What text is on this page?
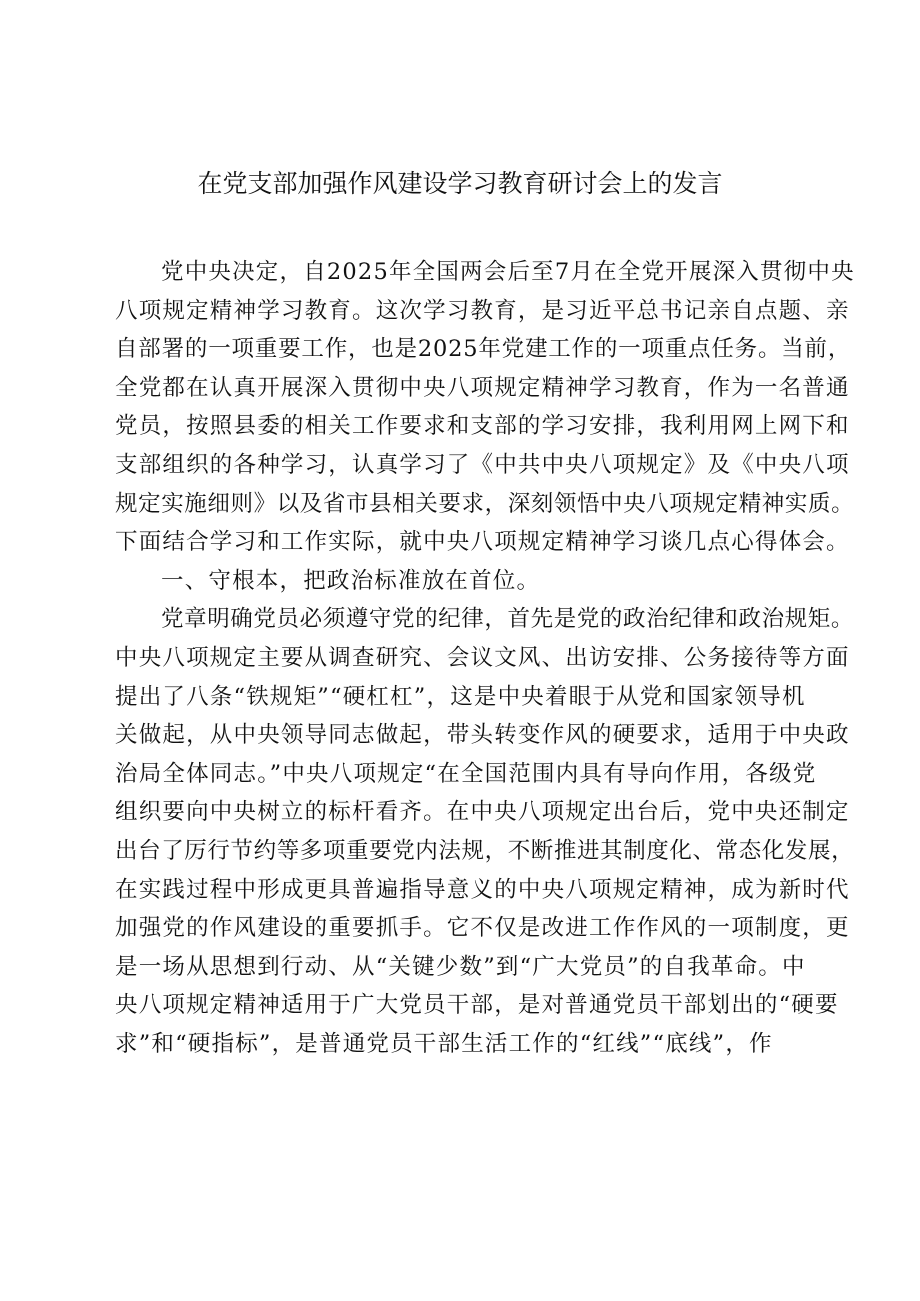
在党支部加强作风建设学习教育研讨会上的发言
党中央决定，自2025年全国两会后至7月在全党开展深入贯彻中央
八项规定精神学习教育。这次学习教育，是习近平总书记亲自点题、亲
自部署的一项重要工作，也是2025年党建工作的一项重点任务。当前，
全党都在认真开展深入贯彻中央八项规定精神学习教育，作为一名普通
党员，按照县委的相关工作要求和支部的学习安排，我利用网上网下和
支部组织的各种学习，认真学习了《中共中央八项规定》及《中央八项
规定实施细则》以及省市县相关要求，深刻领悟中央八项规定精神实质。
下面结合学习和工作实际，就中央八项规定精神学习谈几点心得体会。
一、守根本，把政治标准放在首位。
党章明确党员必须遵守党的纪律，首先是党的政治纪律和政治规矩。
中央八项规定主要从调查研究、会议文风、出访安排、公务接待等方面
提出了八条“铁规矩”“硬杠杠”，这是中央着眼于从党和国家领导机
关做起，从中央领导同志做起，带头转变作风的硬要求，适用于中央政
治局全体同志。”中央八项规定“在全国范围内具有导向作用，各级党
组织要向中央树立的标杆看齐。在中央八项规定出台后，党中央还制定
出台了厉行节约等多项重要党内法规，不断推进其制度化、常态化发展，
在实践过程中形成更具普遍指导意义的中央八项规定精神，成为新时代
加强党的作风建设的重要抓手。它不仅是改进工作作风的一项制度，更
是一场从思想到行动、从“关键少数”到“广大党员”的自我革命。中
央八项规定精神适用于广大党员干部，是对普通党员干部划出的“硬要
求”和“硬指标”，是普通党员干部生活工作的“红线”“底线”，作
